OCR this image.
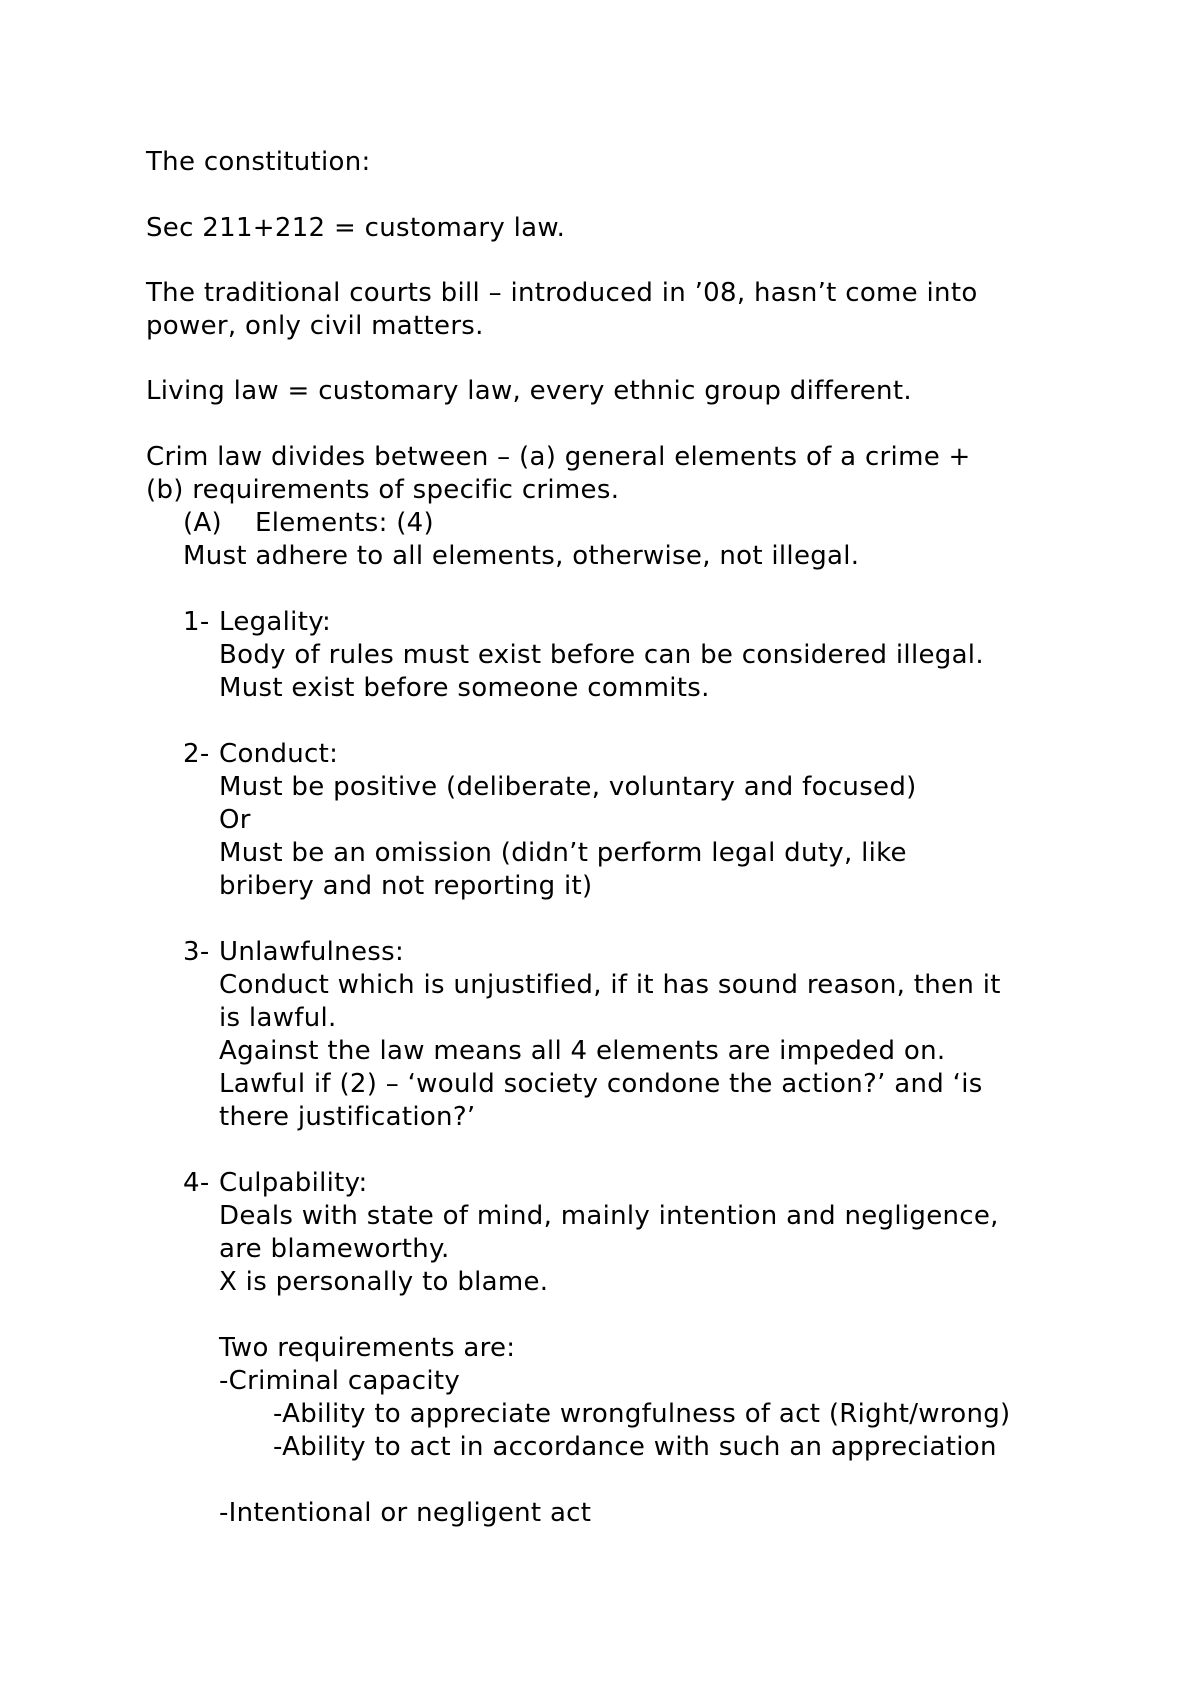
The constitution:
Sec 211+212 = customary law.
The traditional courts bill – introduced in ’08, hasn’t come into
power, only civil matters.
Living law = customary law, every ethnic group different.
Crim law divides between – (a) general elements of a crime +
(b) requirements of specific crimes.
(A) Elements: (4)
Must adhere to all elements, otherwise, not illegal.
1- Legality:
Body of rules must exist before can be considered illegal.
Must exist before someone commits.
2- Conduct:
Must be positive (deliberate, voluntary and focused)
Or
Must be an omission (didn’t perform legal duty, like
bribery and not reporting it)
3- Unlawfulness:
Conduct which is unjustified, if it has sound reason, then it
is lawful.
Against the law means all 4 elements are impeded on.
Lawful if (2) – ‘would society condone the action?’ and ‘is
there justification?’
4- Culpability:
Deals with state of mind, mainly intention and negligence,
are blameworthy.
X is personally to blame.
Two requirements are:
-Criminal capacity
-Ability to appreciate wrongfulness of act (Right/wrong)
-Ability to act in accordance with such an appreciation
-Intentional or negligent act
